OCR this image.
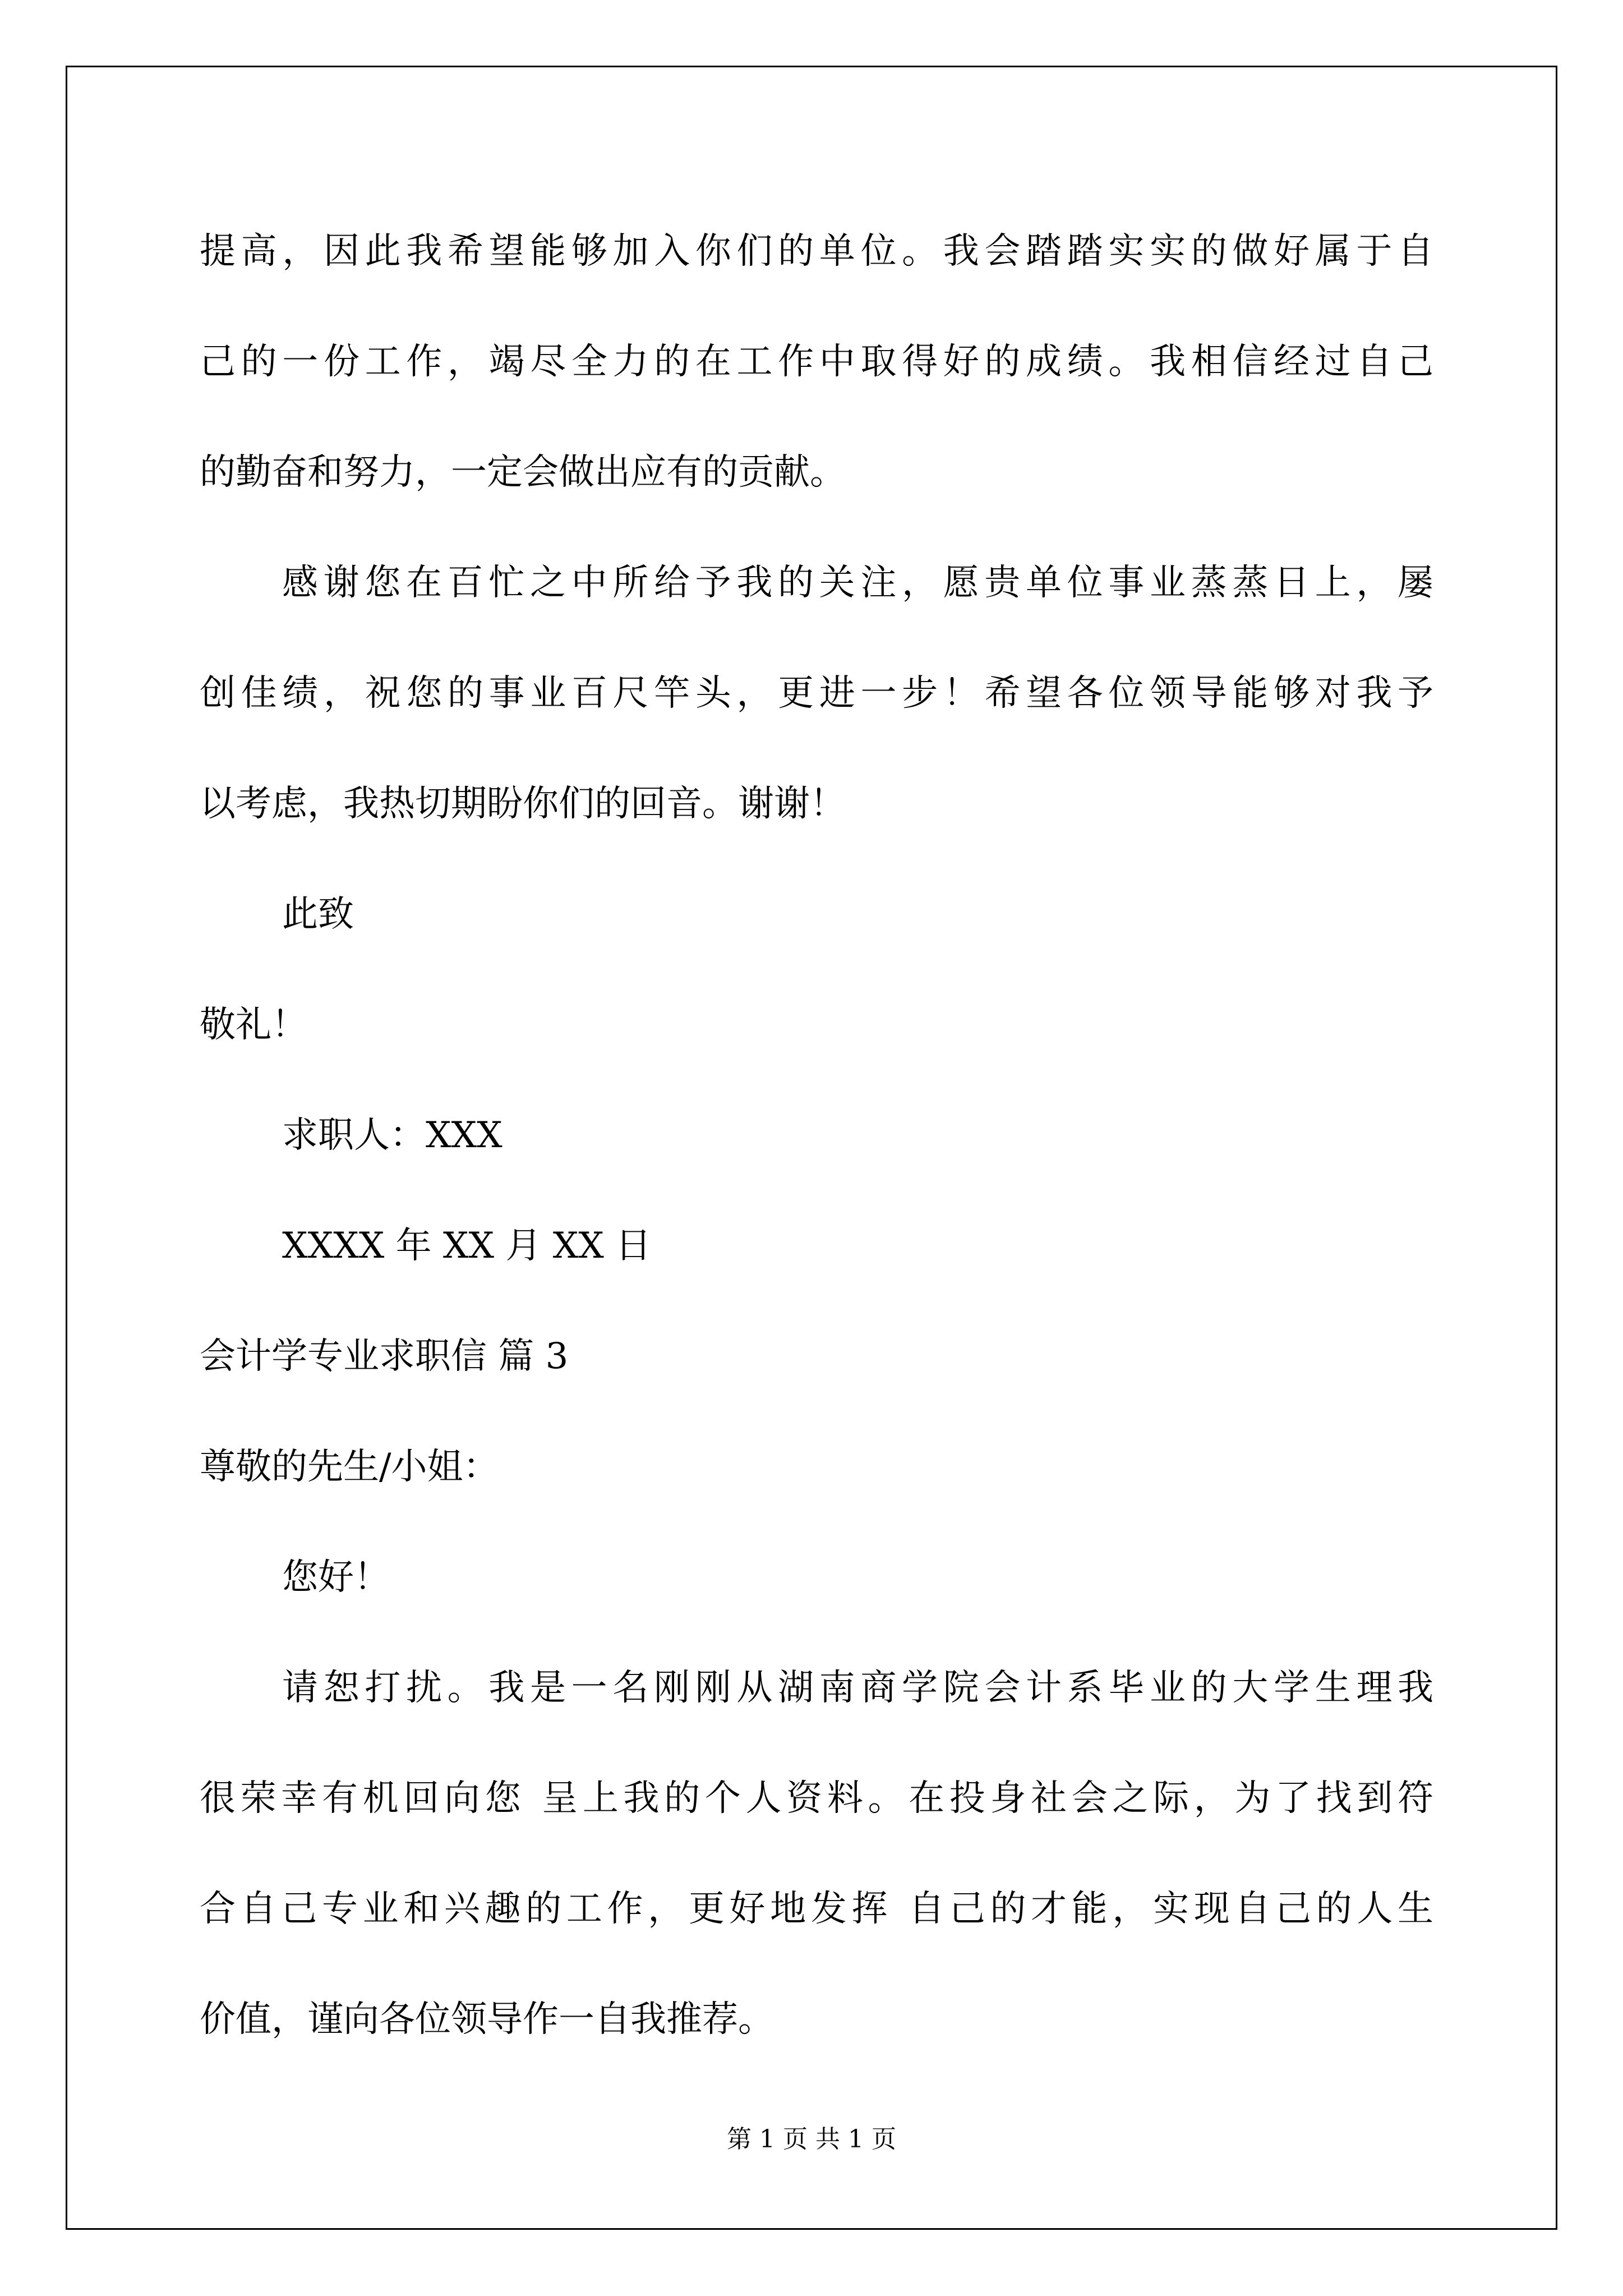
提高，因此我希望能够加入你们的单位。我会踏踏实实的做好属于自
己的一份工作，竭尽全力的在工作中取得好的成绩。我相信经过自己
的勤奋和努力，一定会做出应有的贡献。
感谢您在百忙之中所给予我的关注，愿贵单位事业蒸蒸日上，屡
创佳绩，祝您的事业百尺竿头，更进一步！希望各位领导能够对我予
以考虑，我热切期盼你们的回音。谢谢！
此致
敬礼！
求职人：XXX
XXXX 年 XX 月 XX 日
会计学专业求职信 篇 3
尊敬的先生/小姐：
您好！
请恕打扰。我是一名刚刚从湖南商学院会计系毕业的大学生理我
很荣幸有机回向您 呈上我的个人资料。在投身社会之际，为了找到符
合自己专业和兴趣的工作，更好地发挥 自己的才能，实现自己的人生
价值，谨向各位领导作一自我推荐。
第 1 页 共 1 页
